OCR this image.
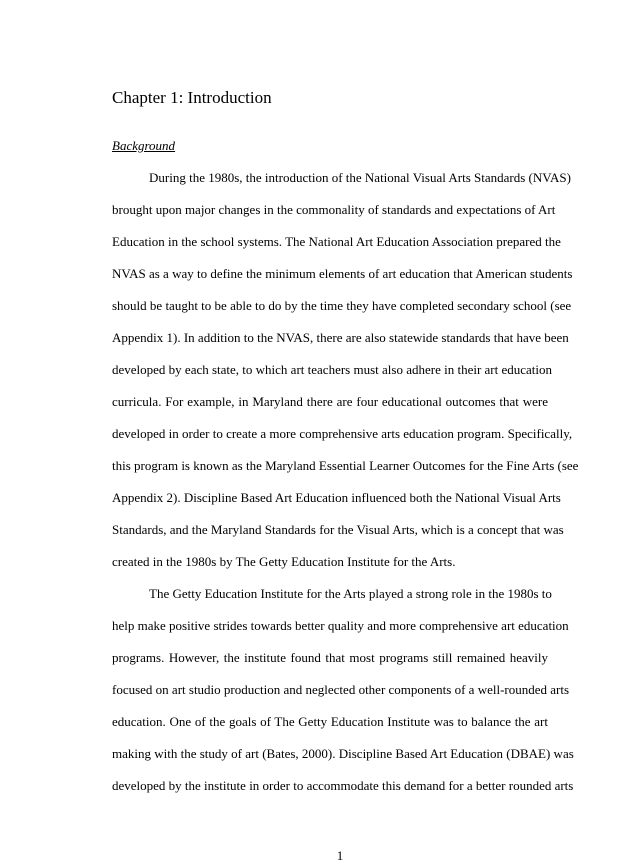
Chapter 1: Introduction
Background
During the 1980s, the introduction of the National Visual Arts Standards (NVAS)
brought upon major changes in the commonality of standards and expectations of Art
Education in the school systems. The National Art Education Association prepared the
NVAS as a way to define the minimum elements of art education that American students
should be taught to be able to do by the time they have completed secondary school (see
Appendix 1). In addition to the NVAS, there are also statewide standards that have been
developed by each state, to which art teachers must also adhere in their art education
curricula. For example, in Maryland there are four educational outcomes that were
developed in order to create a more comprehensive arts education program. Specifically,
this program is known as the Maryland Essential Learner Outcomes for the Fine Arts (see
Appendix 2). Discipline Based Art Education influenced both the National Visual Arts
Standards, and the Maryland Standards for the Visual Arts, which is a concept that was
created in the 1980s by The Getty Education Institute for the Arts.
The Getty Education Institute for the Arts played a strong role in the 1980s to
help make positive strides towards better quality and more comprehensive art education
programs. However, the institute found that most programs still remained heavily
focused on art studio production and neglected other components of a well-rounded arts
education. One of the goals of The Getty Education Institute was to balance the art
making with the study of art (Bates, 2000). Discipline Based Art Education (DBAE) was
developed by the institute in order to accommodate this demand for a better rounded arts
1
